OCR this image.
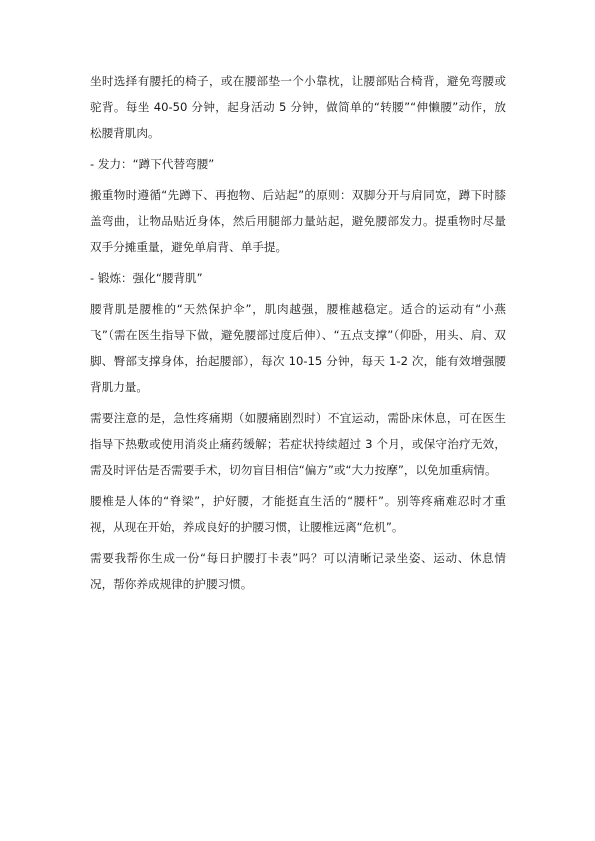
坐时选择有腰托的椅子，或在腰部垫一个小靠枕，让腰部贴合椅背，避免弯腰或驼背。每坐 40-50 分钟，起身活动 5 分钟，做简单的“转腰”“伸懒腰”动作，放松腰背肌肉。

- 发力：“蹲下代替弯腰”

搬重物时遵循“先蹲下、再抱物、后站起”的原则：双脚分开与肩同宽，蹲下时膝盖弯曲，让物品贴近身体，然后用腿部力量站起，避免腰部发力。提重物时尽量双手分摊重量，避免单肩背、单手提。

- 锻炼：强化“腰背肌”

腰背肌是腰椎的“天然保护伞”，肌肉越强，腰椎越稳定。适合的运动有“小燕飞”（需在医生指导下做，避免腰部过度后伸）、“五点支撑”（仰卧，用头、肩、双脚、臀部支撑身体，抬起腰部），每次 10-15 分钟，每天 1-2 次，能有效增强腰背肌力量。

需要注意的是，急性疼痛期（如腰痛剧烈时）不宜运动，需卧床休息，可在医生指导下热敷或使用消炎止痛药缓解；若症状持续超过 3 个月，或保守治疗无效，需及时评估是否需要手术，切勿盲目相信“偏方”或“大力按摩”，以免加重病情。

腰椎是人体的“脊梁”，护好腰，才能挺直生活的“腰杆”。别等疼痛难忍时才重视，从现在开始，养成良好的护腰习惯，让腰椎远离“危机”。

需要我帮你生成一份“每日护腰打卡表”吗？可以清晰记录坐姿、运动、休息情况，帮你养成规律的护腰习惯。
